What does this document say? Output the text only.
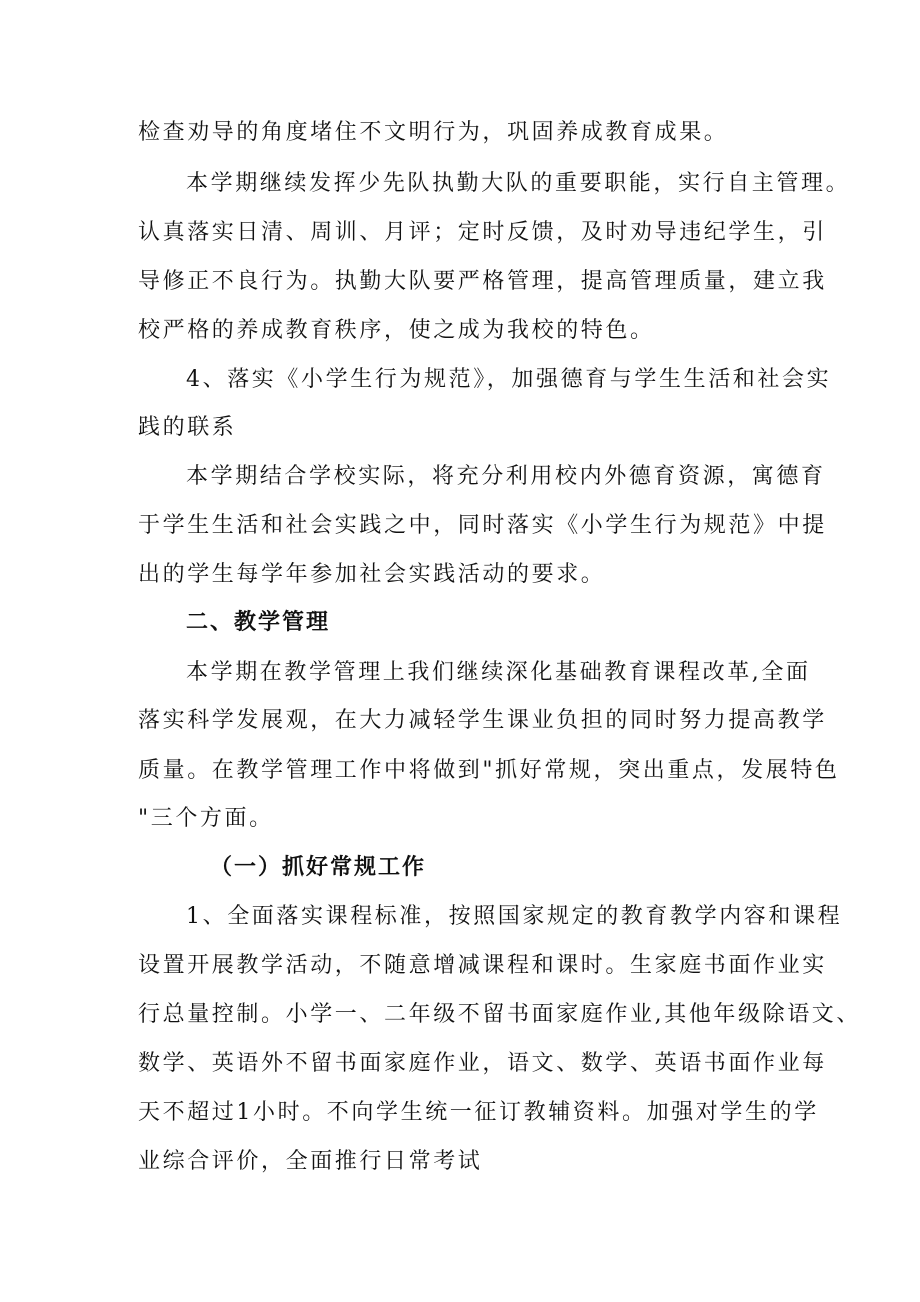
检查劝导的角度堵住不文明行为，巩固养成教育成果。
本学期继续发挥少先队执勤大队的重要职能，实行自主管理。
认真落实日清、周训、月评；定时反馈，及时劝导违纪学生，引
导修正不良行为。执勤大队要严格管理，提高管理质量，建立我
校严格的养成教育秩序，使之成为我校的特色。
4、落实《小学生行为规范》，加强德育与学生生活和社会实
践的联系
本学期结合学校实际，将充分利用校内外德育资源，寓德育
于学生生活和社会实践之中，同时落实《小学生行为规范》中提
出的学生每学年参加社会实践活动的要求。
二、教学管理
本学期在教学管理上我们继续深化基础教育课程改革,全面
落实科学发展观，在大力减轻学生课业负担的同时努力提高教学
质量。在教学管理工作中将做到"抓好常规，突出重点，发展特色
"三个方面。
（一）抓好常规工作
1、全面落实课程标准，按照国家规定的教育教学内容和课程
设置开展教学活动，不随意增减课程和课时。生家庭书面作业实
行总量控制。小学一、二年级不留书面家庭作业,其他年级除语文、
数学、英语外不留书面家庭作业，语文、数学、英语书面作业每
天不超过1小时。不向学生统一征订教辅资料。加强对学生的学
业综合评价，全面推行日常考试
